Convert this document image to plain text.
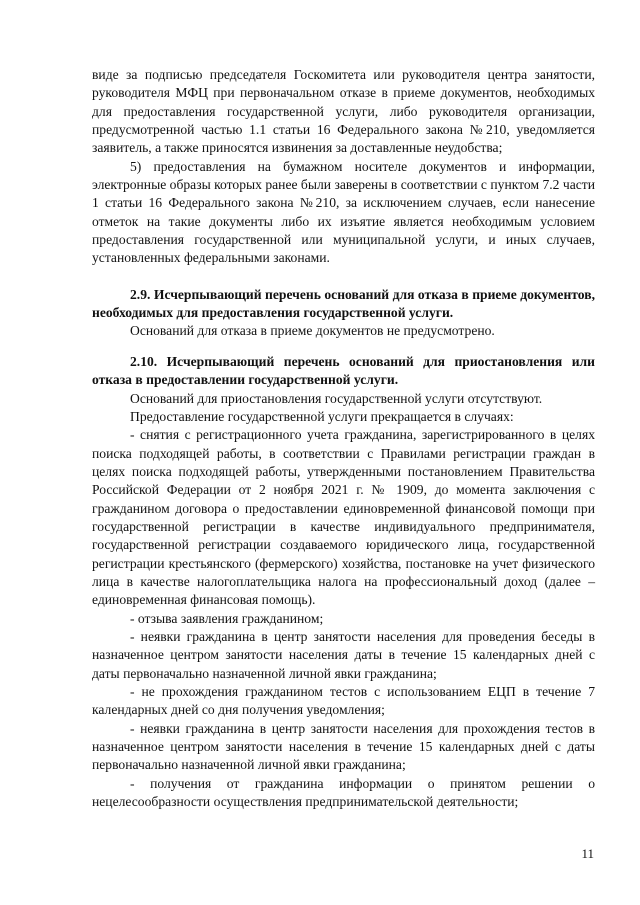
виде за подписью председателя Госкомитета или руководителя центра занятости, руководителя МФЦ при первоначальном отказе в приеме документов, необходимых для предоставления государственной услуги, либо руководителя организации, предусмотренной частью 1.1 статьи 16 Федерального закона №210, уведомляется заявитель, а также приносятся извинения за доставленные неудобства;

5) предоставления на бумажном носителе документов и информации, электронные образы которых ранее были заверены в соответствии с пунктом 7.2 части 1 статьи 16 Федерального закона №210, за исключением случаев, если нанесение отметок на такие документы либо их изъятие является необходимым условием предоставления государственной или муниципальной услуги, и иных случаев, установленных федеральными законами.

2.9. Исчерпывающий перечень оснований для отказа в приеме документов, необходимых для предоставления государственной услуги.

Оснований для отказа в приеме документов не предусмотрено.

2.10. Исчерпывающий перечень оснований для приостановления или отказа в предоставлении государственной услуги.

Оснований для приостановления государственной услуги отсутствуют.

Предоставление государственной услуги прекращается в случаях:

- снятия с регистрационного учета гражданина, зарегистрированного в целях поиска подходящей работы, в соответствии с Правилами регистрации граждан в целях поиска подходящей работы, утвержденными постановлением Правительства Российской Федерации от 2 ноября 2021 г. № 1909, до момента заключения с гражданином договора о предоставлении единовременной финансовой помощи при государственной регистрации в качестве индивидуального предпринимателя, государственной регистрации создаваемого юридического лица, государственной регистрации крестьянского (фермерского) хозяйства, постановке на учет физического лица в качестве налогоплательщика налога на профессиональный доход (далее – единовременная финансовая помощь).

- отзыва заявления гражданином;

- неявки гражданина в центр занятости населения для проведения беседы в назначенное центром занятости населения даты в течение 15 календарных дней с даты первоначально назначенной личной явки гражданина;

- не прохождения гражданином тестов с использованием ЕЦП в течение 7 календарных дней со дня получения уведомления;

- неявки гражданина в центр занятости населения для прохождения тестов в назначенное центром занятости населения в течение 15 календарных дней с даты первоначально назначенной личной явки гражданина;

- получения от гражданина информации о принятом решении о нецелесообразности осуществления предпринимательской деятельности;

11
